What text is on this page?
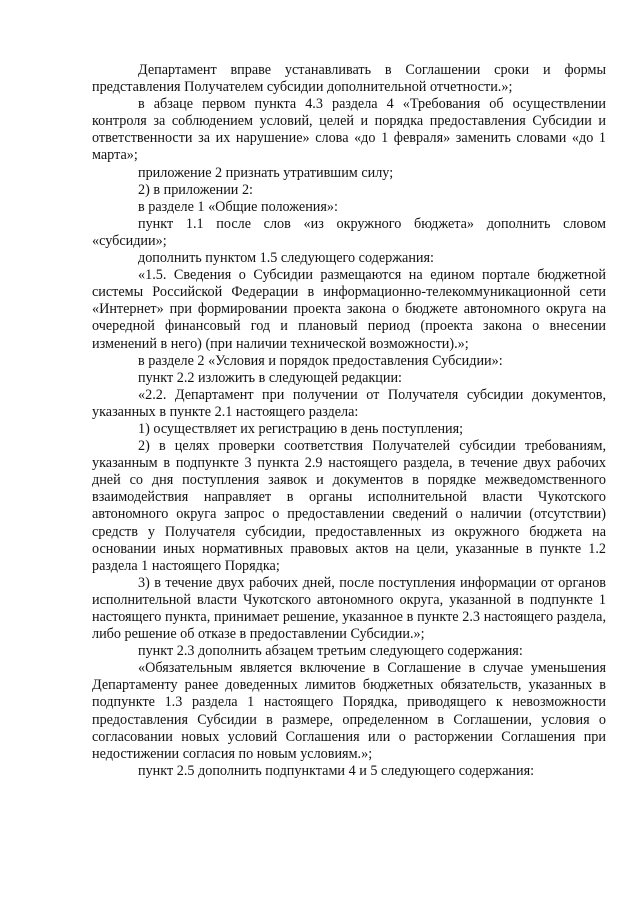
Департамент вправе устанавливать в Соглашении сроки и формы представления Получателем субсидии дополнительной отчетности.»;

в абзаце первом пункта 4.3 раздела 4 «Требования об осуществлении контроля за соблюдением условий, целей и порядка предоставления Субсидии и ответственности за их нарушение» слова «до 1 февраля» заменить словами «до 1 марта»;

приложение 2 признать утратившим силу;

2) в приложении 2:

в разделе 1 «Общие положения»:

пункт 1.1 после слов «из окружного бюджета» дополнить словом «субсидии»;

дополнить пунктом 1.5 следующего содержания:

«1.5. Сведения о Субсидии размещаются на едином портале бюджетной системы Российской Федерации в информационно-телекоммуникационной сети «Интернет» при формировании проекта закона о бюджете автономного округа на очередной финансовый год и плановый период (проекта закона о внесении изменений в него) (при наличии технической возможности).»;

в разделе 2 «Условия и порядок предоставления Субсидии»:

пункт 2.2 изложить в следующей редакции:

«2.2. Департамент при получении от Получателя субсидии документов, указанных в пункте 2.1 настоящего раздела:

1) осуществляет их регистрацию в день поступления;

2) в целях проверки соответствия Получателей субсидии требованиям, указанным в подпункте 3 пункта 2.9 настоящего раздела, в течение двух рабочих дней со дня поступления заявок и документов в порядке межведомственного взаимодействия направляет в органы исполнительной власти Чукотского автономного округа запрос о предоставлении сведений о наличии (отсутствии) средств у Получателя субсидии, предоставленных из окружного бюджета на основании иных нормативных правовых актов на цели, указанные в пункте 1.2 раздела 1 настоящего Порядка;

3) в течение двух рабочих дней, после поступления информации от органов исполнительной власти Чукотского автономного округа, указанной в подпункте 1 настоящего пункта, принимает решение, указанное в пункте 2.3 настоящего раздела, либо решение об отказе в предоставлении Субсидии.»;

пункт 2.3 дополнить абзацем третьим следующего содержания:

«Обязательным является включение в Соглашение в случае уменьшения Департаменту ранее доведенных лимитов бюджетных обязательств, указанных в подпункте 1.3 раздела 1 настоящего Порядка, приводящего к невозможности предоставления Субсидии в размере, определенном в Соглашении, условия о согласовании новых условий Соглашения или о расторжении Соглашения при недостижении согласия по новым условиям.»;

пункт 2.5 дополнить подпунктами 4 и 5 следующего содержания:
